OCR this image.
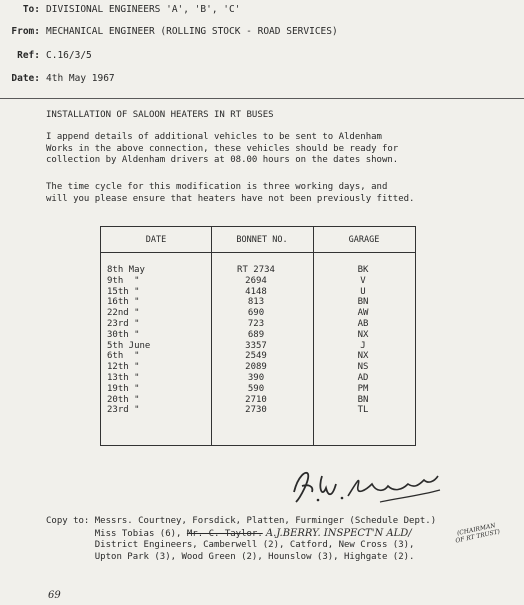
To: DIVISIONAL ENGINEERS 'A', 'B', 'C'
From: MECHANICAL ENGINEER (ROLLING STOCK - ROAD SERVICES)
Ref: C.16/3/5
Date: 4th May 1967
INSTALLATION OF SALOON HEATERS IN RT BUSES
I append details of additional vehicles to be sent to Aldenham
Works in the above connection, these vehicles should be ready for
collection by Aldenham drivers at 08.00 hours on the dates shown.
The time cycle for this modification is three working days, and
will you please ensure that heaters have not been previously fitted.
DATE	BONNET NO.	GARAGE
8th May	RT 2734	BK
9th  "	2694	V
15th "	4148	U
16th "	813	BN
22nd "	690	AW
23rd "	723	AB
30th "	689	NX
5th June	3357	J
6th  "	2549	NX
12th "	2089	NS
13th "	390	AD
19th "	590	PM
20th "	2710	BN
23rd "	2730	TL
Copy to: Messrs. Courtney, Forsdick, Platten, Furminger (Schedule Dept.)
Miss Tobias (6), Mr. C. Taylor. A.J.BERRY. INSPECT'N ALD/
District Engineers, Camberwell (2), Catford, New Cross (3),
Upton Park (3), Wood Green (2), Hounslow (3), Highgate (2).
(CHAIRMAN OF RT TRUST)
69
